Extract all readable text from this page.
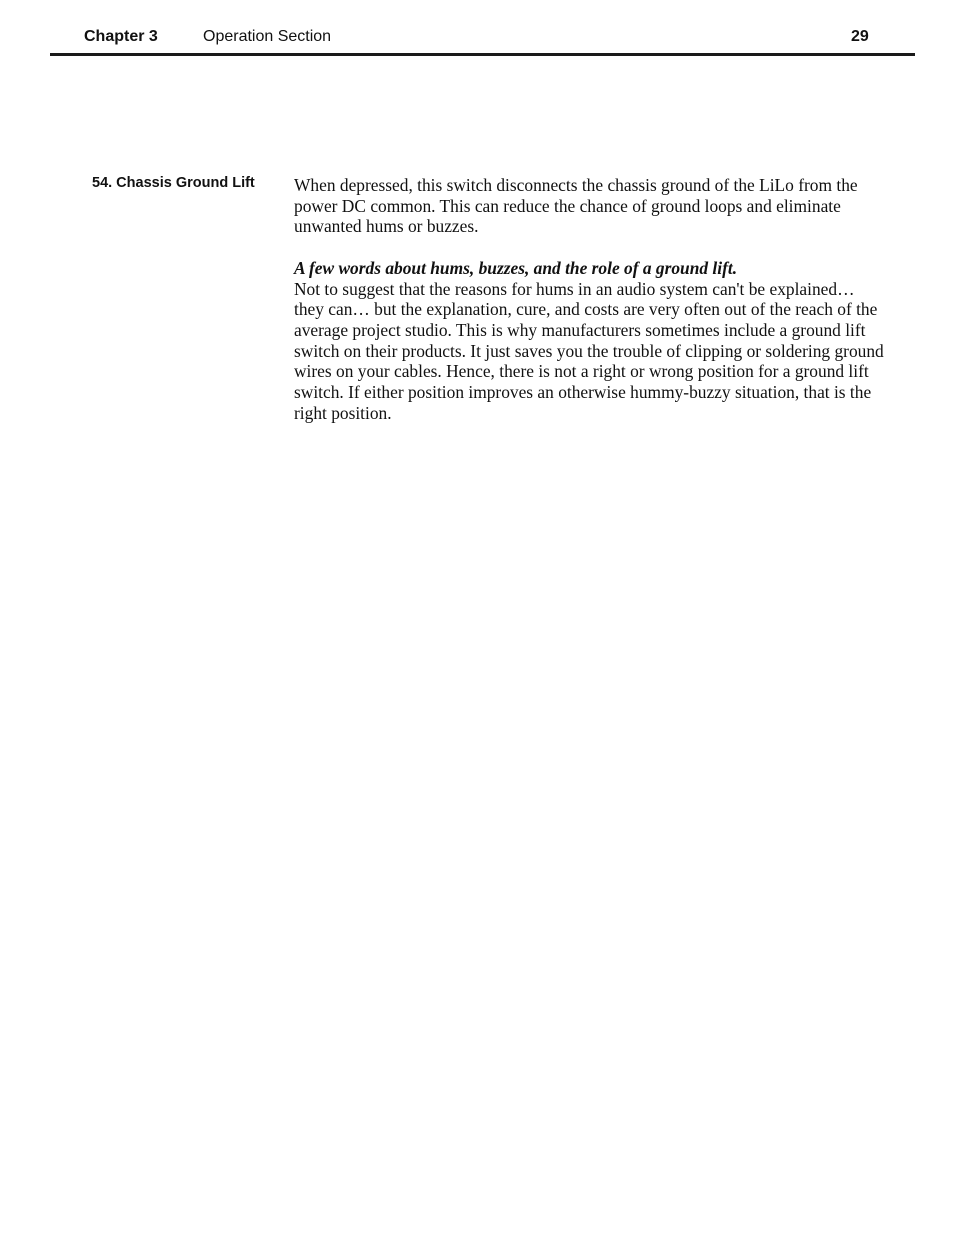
Chapter 3	Operation Section	29
54. Chassis Ground Lift When depressed, this switch disconnects the chassis ground of the LiLo from the power DC common. This can reduce the chance of ground loops and eliminate unwanted hums or buzzes.

A few words about hums, buzzes, and the role of a ground lift.

Not to suggest that the reasons for hums in an audio system can't be explained…they can… but the explanation, cure, and costs are very often out of the reach of the average project studio. This is why manufacturers sometimes include a ground lift switch on their products. It just saves you the trouble of clipping or soldering ground wires on your cables. Hence, there is not a right or wrong position for a ground lift switch. If either position improves an otherwise hummy-buzzy situation, that is the right position.
